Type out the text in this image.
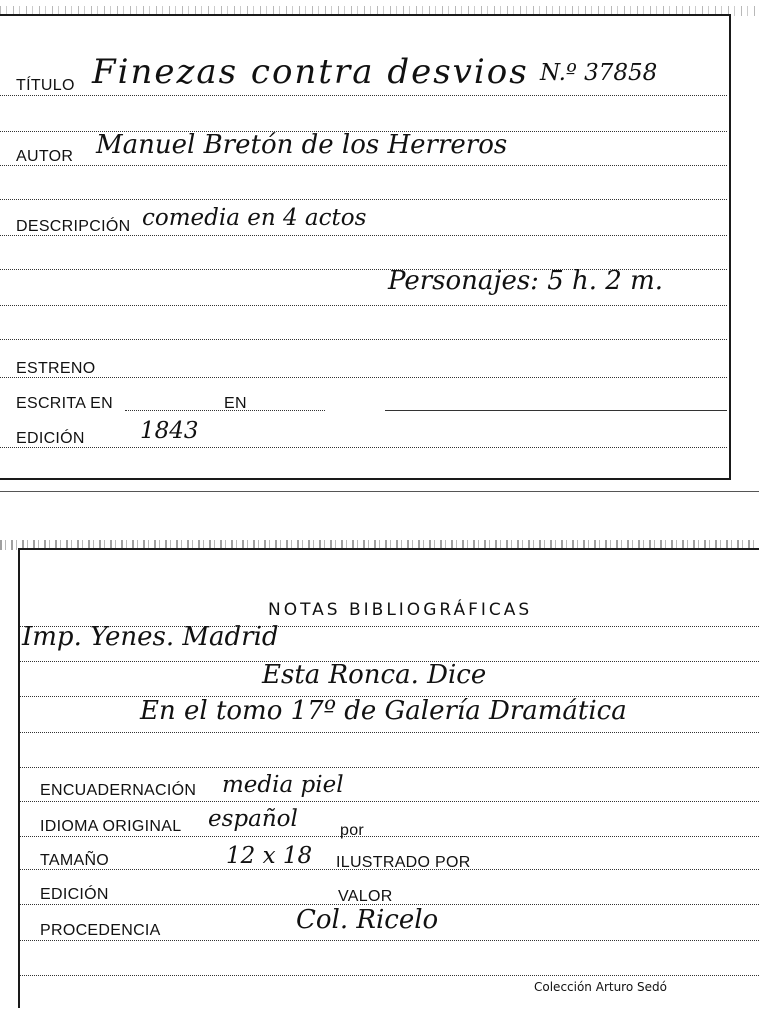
TÍTULO Finezas contra desvios N.º 37858
AUTOR Manuel Bretón de los Herreros
DESCRIPCIÓN comedia en 4 actos
Personajes: 5 h. 2 m.
ESTRENO
ESCRITA EN	EN
EDICIÓN 1843
NOTAS BIBLIOGRÁFICAS
Imp. Yenes. Madrid
Esta Ronca. Dice
En el tomo 17º de Galería Dramática
ENCUADERNACIÓN media piel
IDIOMA ORIGINAL español	por
TAMAÑO	12 x 18 ILUSTRADO POR
EDICIÓN	VALOR
PROCEDENCIA	Col. Ricelo
Colección Arturo Sedó
